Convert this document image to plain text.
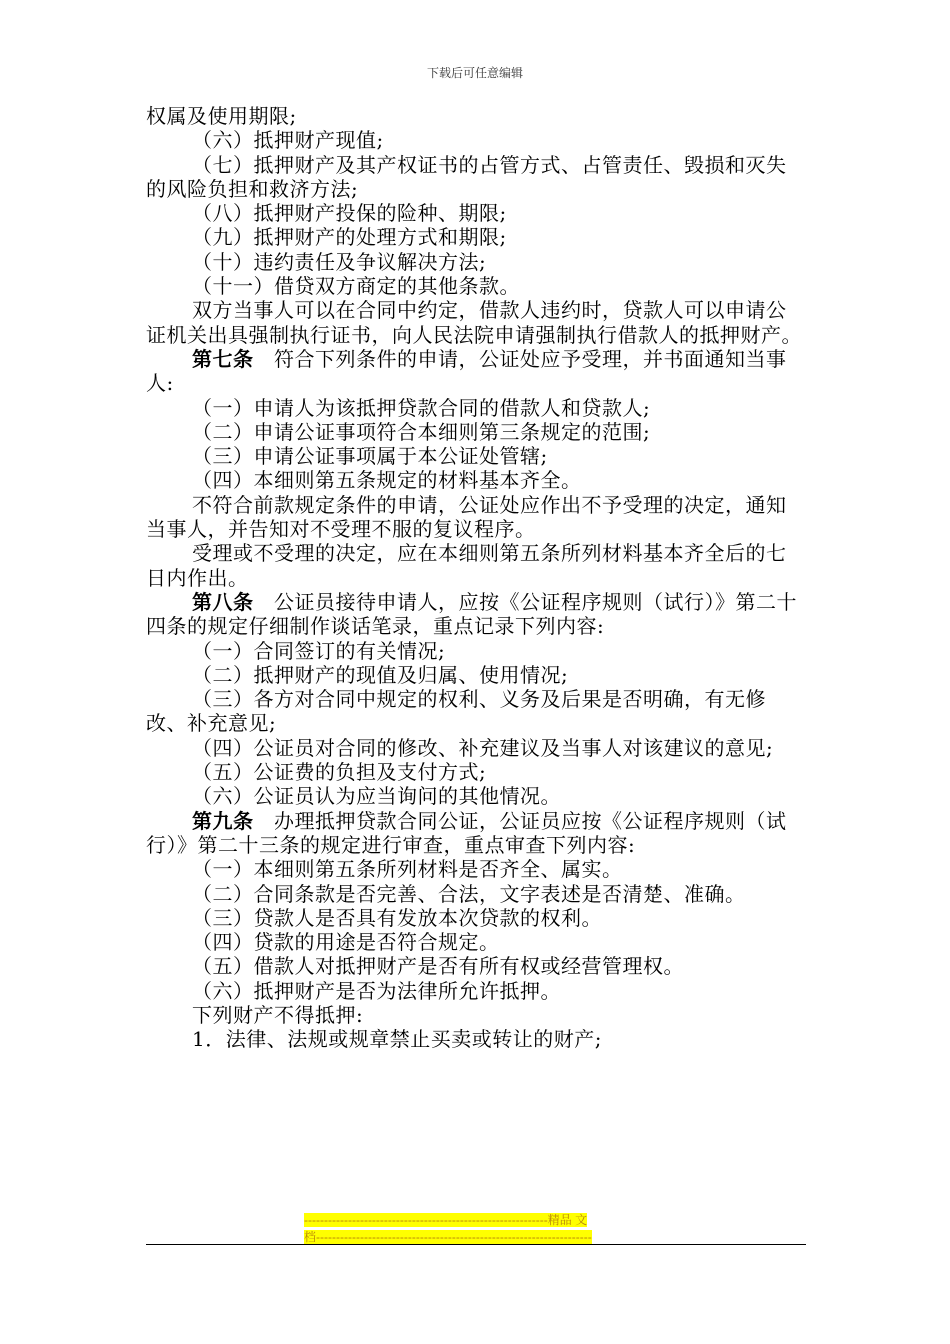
下载后可任意编辑

权属及使用期限;

（六）抵押财产现值;

（七）抵押财产及其产权证书的占管方式、占管责任、毁损和灭失的风险负担和救济方法;

（八）抵押财产投保的险种、期限;

（九）抵押财产的处理方式和期限;

（十）违约责任及争议解决方法;

（十一）借贷双方商定的其他条款。

双方当事人可以在合同中约定，借款人违约时，贷款人可以申请公证机关出具强制执行证书，向人民法院申请强制执行借款人的抵押财产。

第七条　符合下列条件的申请，公证处应予受理，并书面通知当事人:

（一）申请人为该抵押贷款合同的借款人和贷款人;

（二）申请公证事项符合本细则第三条规定的范围;

（三）申请公证事项属于本公证处管辖;

（四）本细则第五条规定的材料基本齐全。

不符合前款规定条件的申请，公证处应作出不予受理的决定，通知当事人，并告知对不受理不服的复议程序。

受理或不受理的决定，应在本细则第五条所列材料基本齐全后的七日内作出。

第八条　公证员接待申请人，应按《公证程序规则（试行）》第二十四条的规定仔细制作谈话笔录，重点记录下列内容:

（一）合同签订的有关情况;

（二）抵押财产的现值及归属、使用情况;

（三）各方对合同中规定的权利、义务及后果是否明确，有无修改、补充意见;

（四）公证员对合同的修改、补充建议及当事人对该建议的意见;

（五）公证费的负担及支付方式;

（六）公证员认为应当询问的其他情况。

第九条　办理抵押贷款合同公证，公证员应按《公证程序规则（试行）》第二十三条的规定进行审查，重点审查下列内容:

（一）本细则第五条所列材料是否齐全、属实。

（二）合同条款是否完善、合法，文字表述是否清楚、准确。

（三）贷款人是否具有发放本次贷款的权利。

（四）贷款的用途是否符合规定。

（五）借款人对抵押财产是否有所有权或经营管理权。

（六）抵押财产是否为法律所允许抵押。

下列财产不得抵押:

1．法律、法规或规章禁止买卖或转让的财产;

-------------------------------------------------------------精品 文
档---------------------------------------------------------------------
